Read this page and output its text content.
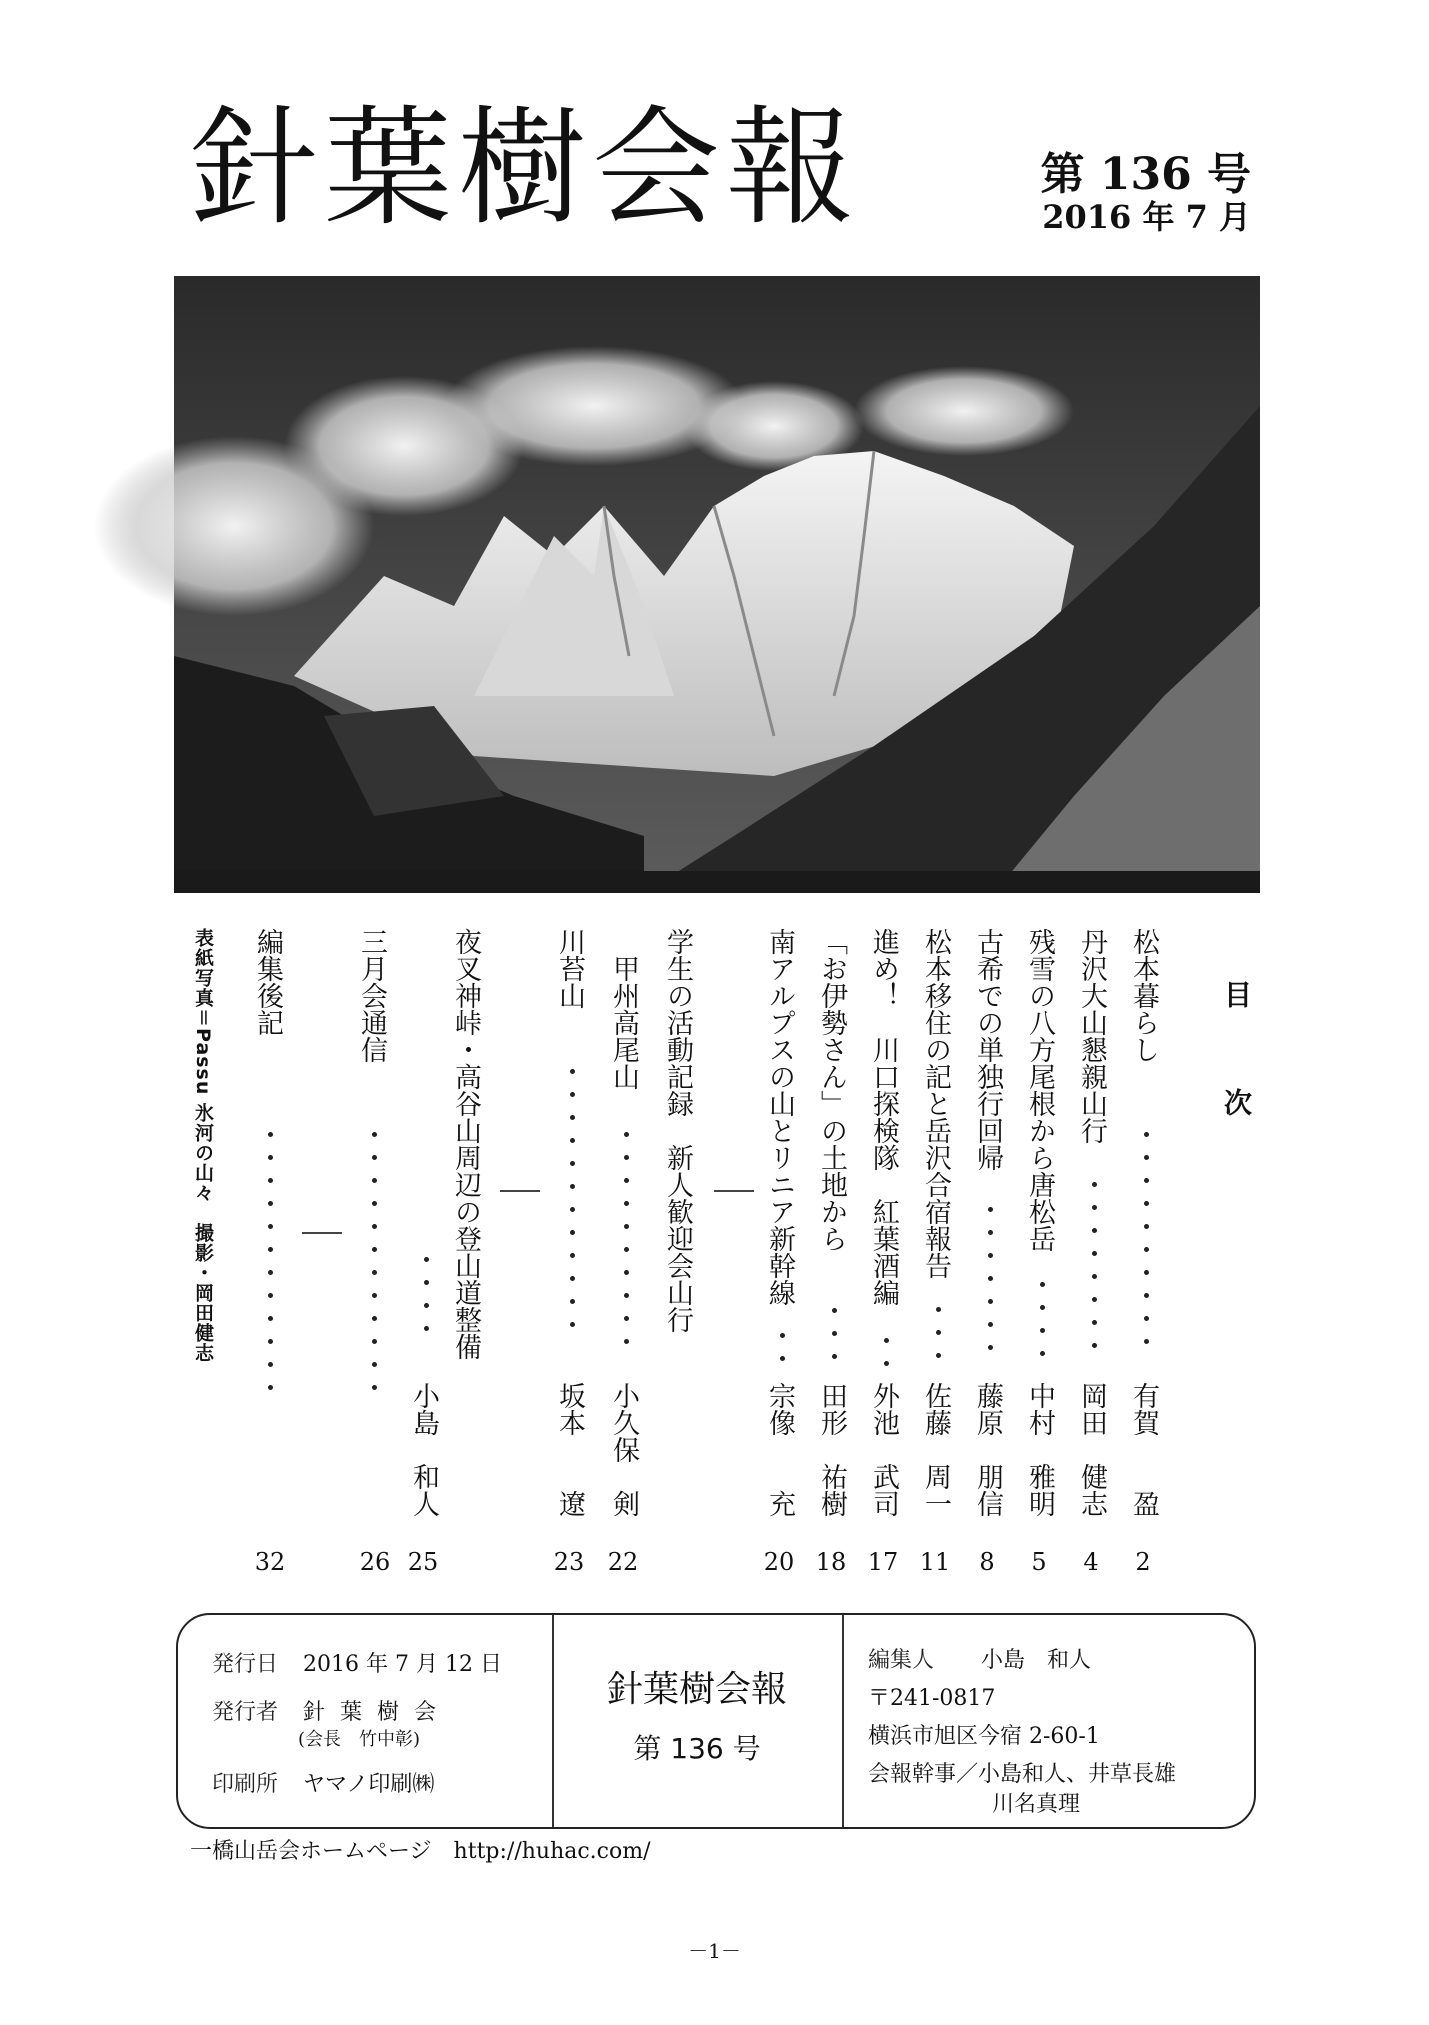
針葉樹会報	第 136 号
2016 年 7 月
目　次
松本暮らし
・・・・・・・・・・
有賀　　盈
丹沢大山懇親山行
・・・・・・・・
岡田　健志
残雪の八方尾根から唐松岳
・・・・
中村　雅明
古希での単独行回帰
・・・・・・・
藤原　朋信
松本移住の記と岳沢合宿報告
・・・
佐藤　周一
進め！　川口探検隊　紅葉酒編
・・
外池　武司
「お伊勢さん」の土地から　
・・・
田形　祐樹
南アルプスの山とリニア新幹線
・・
宗像　　充
学生の活動記録　新人歓迎会山行
　甲州高尾山
・・・・・・・・・・
小久保　剣
川苔山
・・・・・・・・・・・・
坂本　　遼
夜叉神峠・高谷山周辺の登山道整備
・・・・
小島　和人
三月会通信
・・・・・・・・・・・・
編集後記
・・・・・・・・・・・・
2
4
5
8
11
17
18
20
22
23
25
26
32
表紙写真＝Passu 氷河の山々　撮影・岡田健志
発行日 2016 年 7 月 12 日
発行者 針 葉 樹 会
(会長　竹中彰)
印刷所 ヤマノ印刷㈱
針葉樹会報
第 136 号
編集人 小島　和人
〒241-0817
横浜市旭区今宿 2-60-1
会報幹事／小島和人、井草長雄
川名真理
一橋山岳会ホームページ　http://huhac.com/
－1－
